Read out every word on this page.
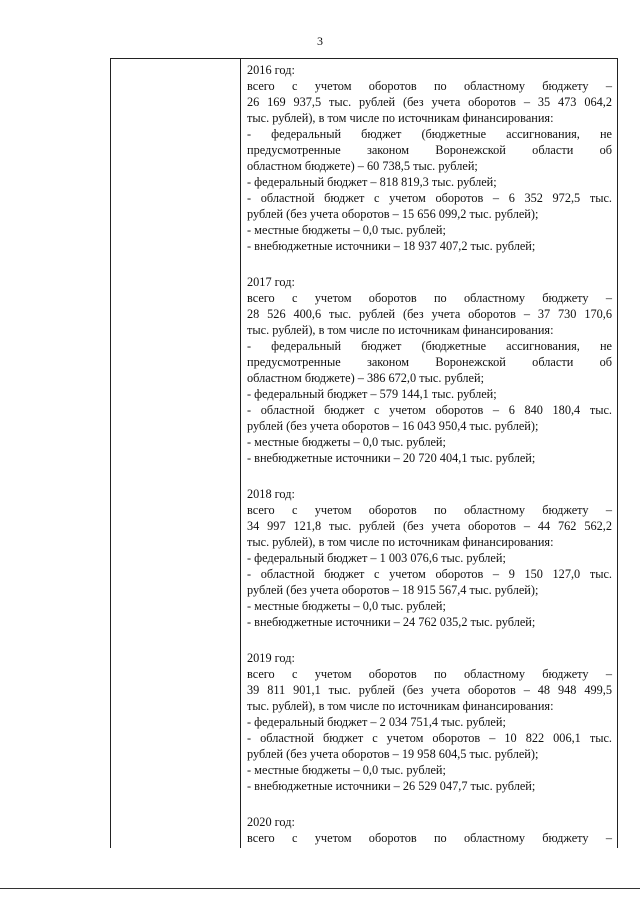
3
2016 год:
всего с учетом оборотов по областному бюджету –
26 169 937,5 тыс. рублей (без учета оборотов – 35 473 064,2
тыс. рублей), в том числе по источникам финансирования:
- федеральный бюджет (бюджетные ассигнования, не
предусмотренные законом Воронежской области об
областном бюджете) – 60 738,5 тыс. рублей;
- федеральный бюджет – 818 819,3 тыс. рублей;
- областной бюджет с учетом оборотов – 6 352 972,5 тыс.
рублей (без учета оборотов – 15 656 099,2 тыс. рублей);
- местные бюджеты – 0,0 тыс. рублей;
- внебюджетные источники – 18 937 407,2 тыс. рублей;
2017 год:
всего с учетом оборотов по областному бюджету –
28 526 400,6 тыс. рублей (без учета оборотов – 37 730 170,6
тыс. рублей), в том числе по источникам финансирования:
- федеральный бюджет (бюджетные ассигнования, не
предусмотренные законом Воронежской области об
областном бюджете) – 386 672,0 тыс. рублей;
- федеральный бюджет – 579 144,1 тыс. рублей;
- областной бюджет с учетом оборотов – 6 840 180,4 тыс.
рублей (без учета оборотов – 16 043 950,4 тыс. рублей);
- местные бюджеты – 0,0 тыс. рублей;
- внебюджетные источники – 20 720 404,1 тыс. рублей;
2018 год:
всего с учетом оборотов по областному бюджету –
34 997 121,8 тыс. рублей (без учета оборотов – 44 762 562,2
тыс. рублей), в том числе по источникам финансирования:
- федеральный бюджет – 1 003 076,6 тыс. рублей;
- областной бюджет с учетом оборотов – 9 150 127,0 тыс.
рублей (без учета оборотов – 18 915 567,4 тыс. рублей);
- местные бюджеты – 0,0 тыс. рублей;
- внебюджетные источники – 24 762 035,2 тыс. рублей;
2019 год:
всего с учетом оборотов по областному бюджету –
39 811 901,1 тыс. рублей (без учета оборотов – 48 948 499,5
тыс. рублей), в том числе по источникам финансирования:
- федеральный бюджет – 2 034 751,4 тыс. рублей;
- областной бюджет с учетом оборотов – 10 822 006,1 тыс.
рублей (без учета оборотов – 19 958 604,5 тыс. рублей);
- местные бюджеты – 0,0 тыс. рублей;
- внебюджетные источники – 26 529 047,7 тыс. рублей;
2020 год:
всего с учетом оборотов по областному бюджету –
